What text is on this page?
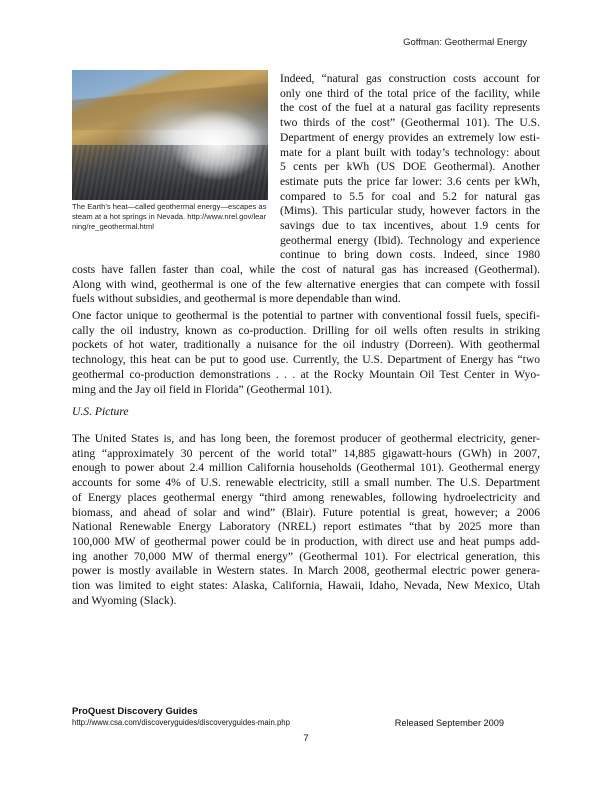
Goffman: Geothermal Energy
The Earth’s heat—called geothermal energy—escapes as steam at a hot springs in Nevada. http://www.nrel.gov/learning/re_geothermal.html
Indeed, “natural gas construction costs account for
only one third of the total price of the facility, while
the cost of the fuel at a natural gas facility represents
two thirds of the cost” (Geothermal 101). The U.S.
Department of energy provides an extremely low esti-
mate for a plant built with today’s technology: about
5 cents per kWh (US DOE Geothermal). Another
estimate puts the price far lower: 3.6 cents per kWh,
compared to 5.5 for coal and 5.2 for natural gas
(Mims). This particular study, however factors in the
savings due to tax incentives, about 1.9 cents for
geothermal energy (Ibid). Technology and experience
continue to bring down costs. Indeed, since 1980
costs have fallen faster than coal, while the cost of natural gas has increased (Geothermal).
Along with wind, geothermal is one of the few alternative energies that can compete with fossil
fuels without subsidies, and geothermal is more dependable than wind.
One factor unique to geothermal is the potential to partner with conventional fossil fuels, specifi-
cally the oil industry, known as co-production. Drilling for oil wells often results in striking
pockets of hot water, traditionally a nuisance for the oil industry (Dorreen). With geothermal
technology, this heat can be put to good use. Currently, the U.S. Department of Energy has “two
geothermal co-production demonstrations . . . at the Rocky Mountain Oil Test Center in Wyo-
ming and the Jay oil field in Florida” (Geothermal 101).

U.S. Picture

The United States is, and has long been, the foremost producer of geothermal electricity, gener-
ating “approximately 30 percent of the world total” 14,885 gigawatt-hours (GWh) in 2007,
enough to power about 2.4 million California households (Geothermal 101). Geothermal energy
accounts for some 4% of U.S. renewable electricity, still a small number. The U.S. Department
of Energy places geothermal energy “third among renewables, following hydroelectricity and
biomass, and ahead of solar and wind” (Blair). Future potential is great, however; a 2006
National Renewable Energy Laboratory (NREL) report estimates “that by 2025 more than
100,000 MW of geothermal power could be in production, with direct use and heat pumps add-
ing another 70,000 MW of thermal energy” (Geothermal 101). For electrical generation, this
power is mostly available in Western states. In March 2008, geothermal electric power genera-
tion was limited to eight states: Alaska, California, Hawaii, Idaho, Nevada, New Mexico, Utah
and Wyoming (Slack).
ProQuest Discovery Guides
http://www.csa.com/discoveryguides/discoveryguides-main.php	Released September 2009
7
